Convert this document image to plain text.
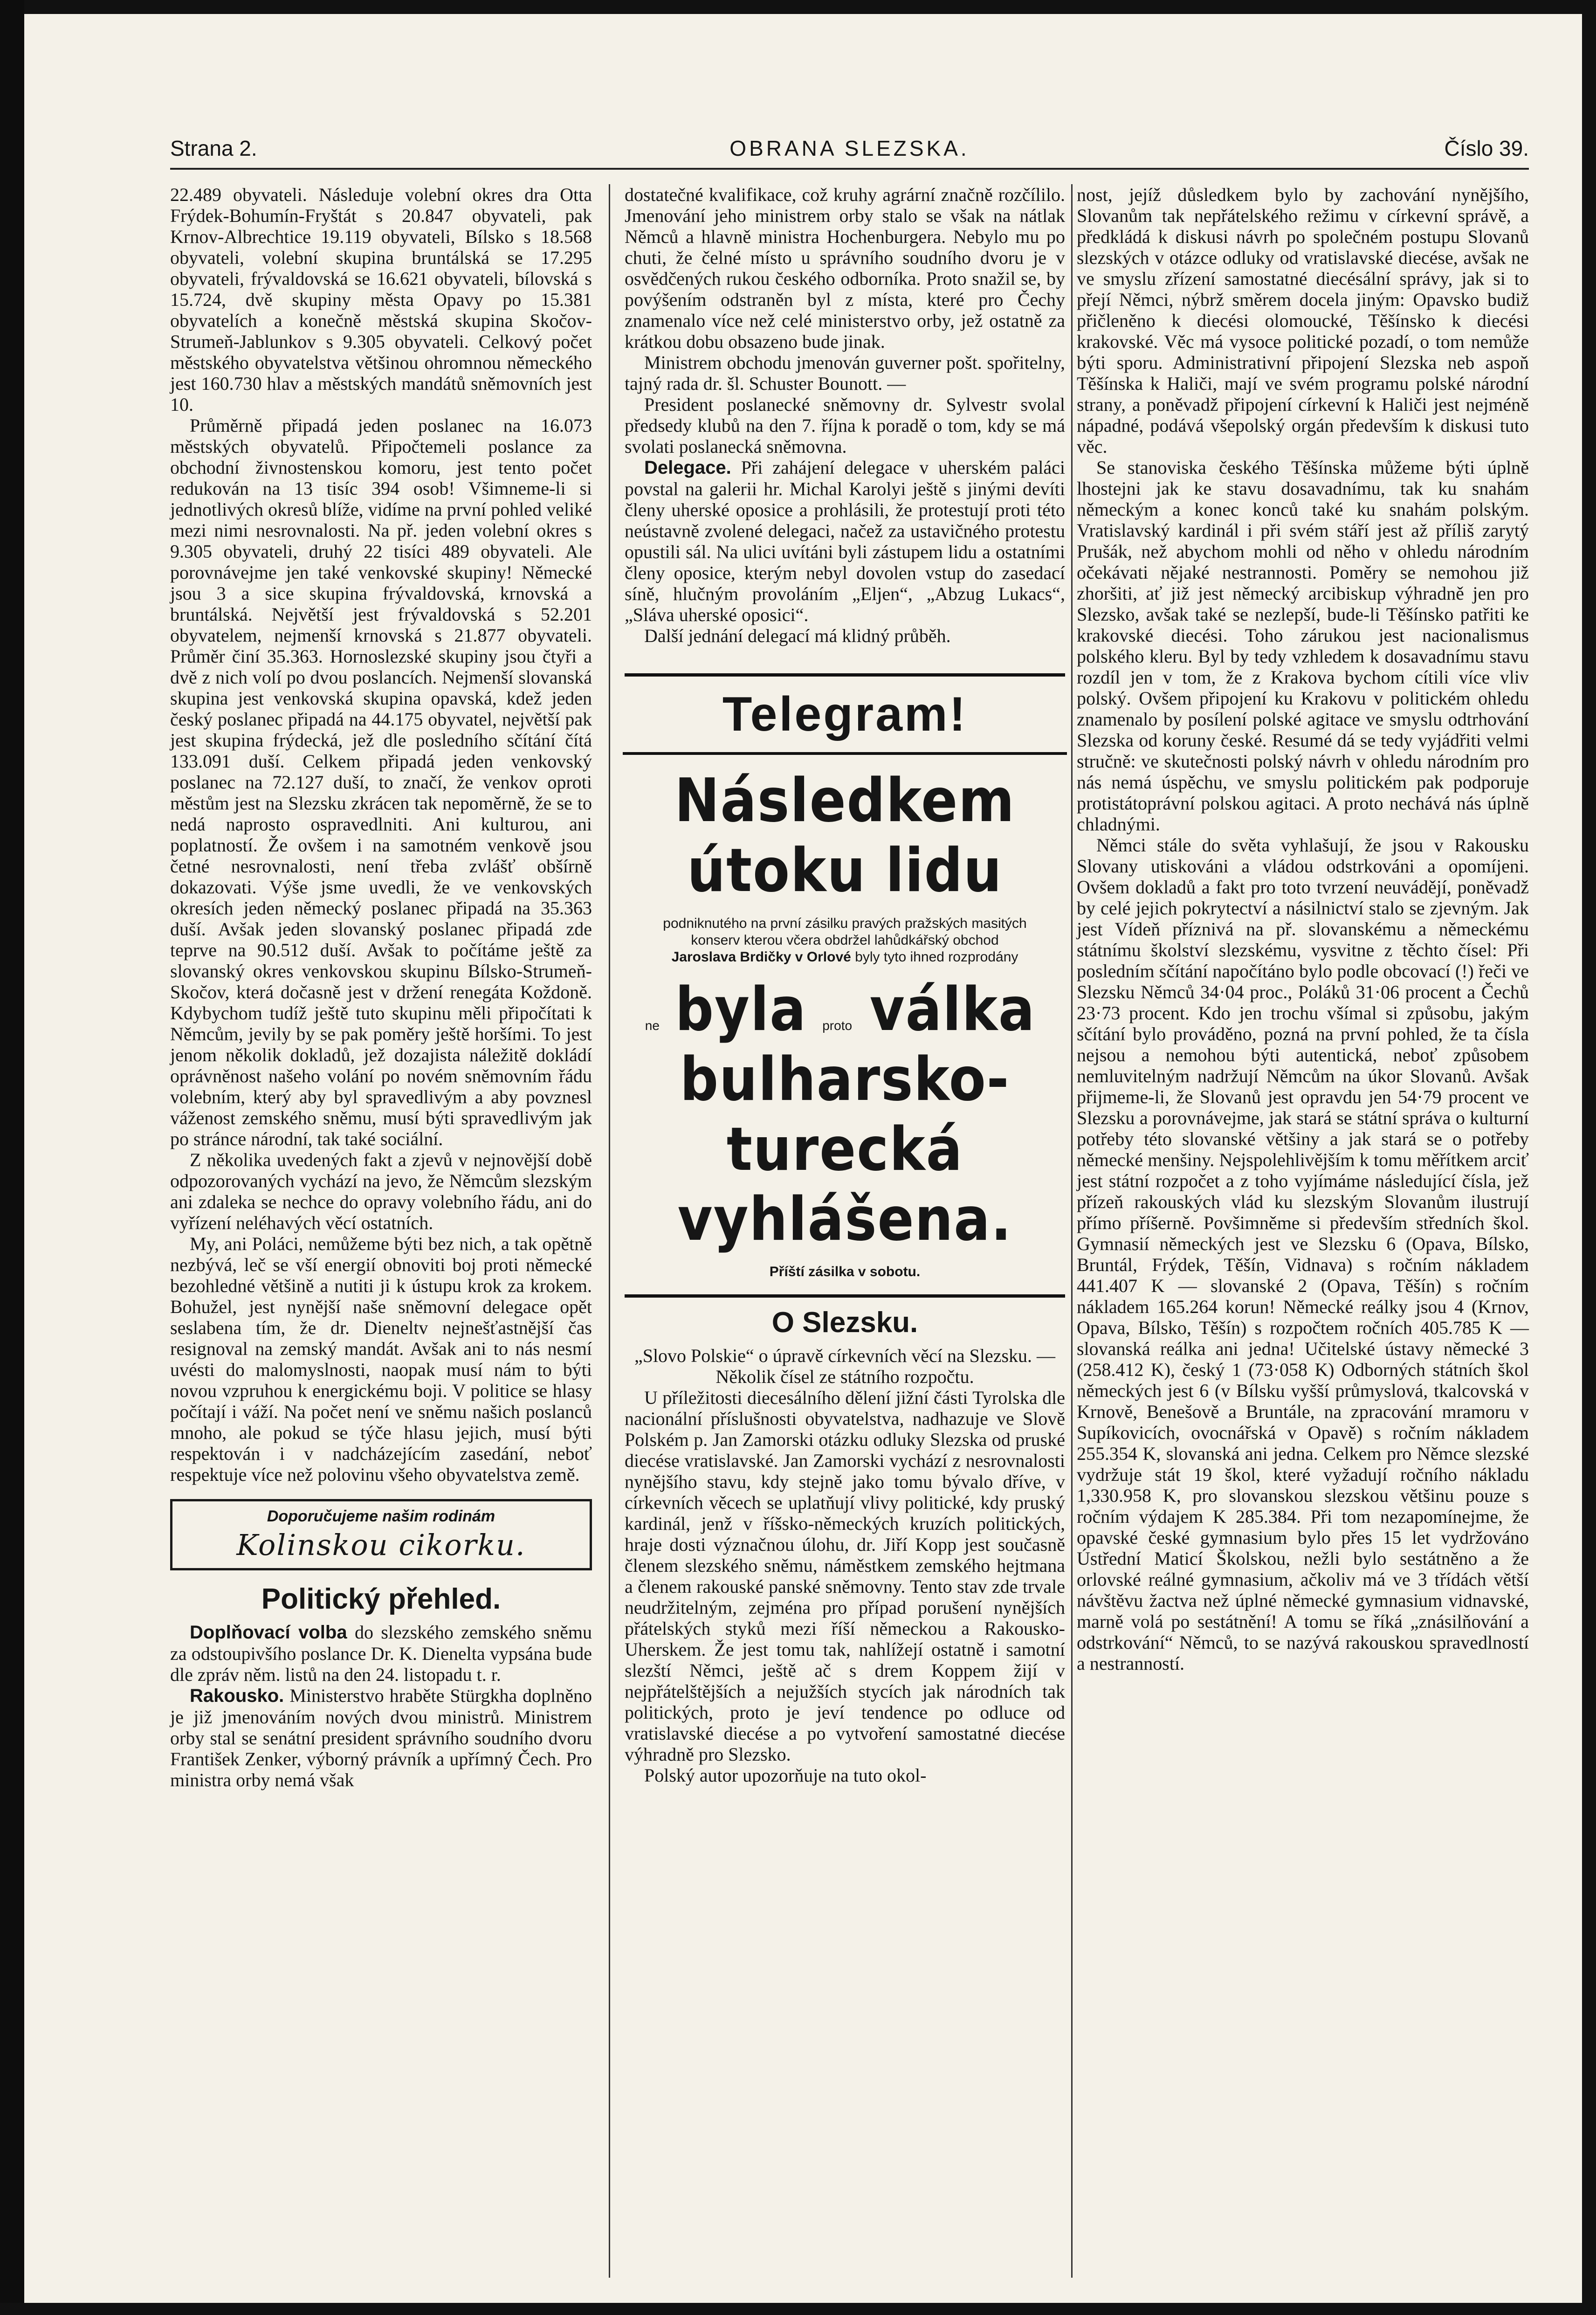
Strana 2.	OBRANA SLEZSKA.	Číslo 39.

22.489 obyvateli. Následuje volební okres dra Otta Frýdek-Bohumín-Fryštát s 20.847 obyvateli, pak Krnov-Albrechtice 19.119 obyvateli, Bílsko s 18.568 obyvateli, volební skupina bruntálská se 17.295 obyvateli, frývaldovská se 16.621 obyvateli, bílovská s 15.724, dvě skupiny města Opavy po 15.381 obyvatelích a konečně městská skupina Skočov-Strumeň-Jablunkov s 9.305 obyvateli. Celkový počet městského obyvatelstva většinou ohromnou německého jest 160.730 hlav a městských mandátů sněmovních jest 10.

Průměrně připadá jeden poslanec na 16.073 městských obyvatelů. Připočtemeli poslance za obchodní živnostenskou komoru, jest tento počet redukován na 13 tisíc 394 osob! Všimneme-li si jednotlivých okresů blíže, vidíme na první pohled veliké mezi nimi nesrovnalosti. Na př. jeden volební okres s 9.305 obyvateli, druhý 22 tisíci 489 obyvateli. Ale porovnávejme jen také venkovské skupiny! Německé jsou 3 a sice skupina frývaldovská, krnovská a bruntálská. Největší jest frývaldovská s 52.201 obyvatelem, nejmenší krnovská s 21.877 obyvateli. Průměr činí 35.363. Hornoslezské skupiny jsou čtyři a dvě z nich volí po dvou poslancích. Nejmenší slovanská skupina jest venkovská skupina opavská, kdež jeden český poslanec připadá na 44.175 obyvatel, největší pak jest skupina frýdecká, jež dle posledního sčítání čítá 133.091 duší. Celkem připadá jeden venkovský poslanec na 72.127 duší, to značí, že venkov oproti městům jest na Slezsku zkrácen tak nepoměrně, že se to nedá naprosto ospravedlniti. Ani kulturou, ani poplatností. Že ovšem i na samotném venkově jsou četné nesrovnalosti, není třeba zvlášť obšírně dokazovati. Výše jsme uvedli, že ve venkovských okresích jeden německý poslanec připadá na 35.363 duší. Avšak jeden slovanský poslanec připadá zde teprve na 90.512 duší. Avšak to počítáme ještě za slovanský okres venkovskou skupinu Bílsko-Strumeň-Skočov, která dočasně jest v držení renegáta Koždoně. Kdybychom tudíž ještě tuto skupinu měli připočítati k Němcům, jevily by se pak poměry ještě horšími. To jest jenom několik dokladů, jež dozajista náležitě dokládí oprávněnost našeho volání po novém sněmovním řádu volebním, který aby byl spravedlivým a aby povznesl váženost zemského sněmu, musí býti spravedlivým jak po stránce národní, tak také sociální.

Z několika uvedených fakt a zjevů v nejnovější době odpozorovaných vychází na jevo, že Němcům slezským ani zdaleka se nechce do opravy volebního řádu, ani do vyřízení neléhavých věcí ostatních.

My, ani Poláci, nemůžeme býti bez nich, a tak opětně nezbývá, leč se vší energií obnoviti boj proti německé bezohledné většině a nutiti ji k ústupu krok za krokem. Bohužel, jest nynější naše sněmovní delegace opět seslabena tím, že dr. Dieneltv nejnešťastnější čas resignoval na zemský mandát. Avšak ani to nás nesmí uvésti do malomyslnosti, naopak musí nám to býti novou vzpruhou k energickému boji. V politice se hlasy počítají i váží. Na počet není ve sněmu našich poslanců mnoho, ale pokud se týče hlasu jejich, musí býti respektován i v nadcházejícím zasedání, neboť respektuje více než polovinu všeho obyvatelstva země.

Doporučujeme našim rodinám
Kolinskou cikorku.
Politický přehled.

Doplňovací volba do slezského zemského sněmu za odstoupivšího poslance Dr. K. Dienelta vypsána bude dle zpráv něm. listů na den 24. listopadu t. r.

Rakousko. Ministerstvo hraběte Stürgkha doplněno je již jmenováním nových dvou ministrů. Ministrem orby stal se senátní president správního soudního dvoru František Zenker, výborný právník a upřímný Čech. Pro ministra orby nemá však

dostatečné kvalifikace, což kruhy agrární značně rozčílilo. Jmenování jeho ministrem orby stalo se však na nátlak Němců a hlavně ministra Hochenburgera. Nebylo mu po chuti, že čelné místo u správního soudního dvoru je v osvědčených rukou českého odborníka. Proto snažil se, by povýšením odstraněn byl z místa, které pro Čechy znamenalo více než celé ministerstvo orby, jež ostatně za krátkou dobu obsazeno bude jinak.

Ministrem obchodu jmenován guverner pošt. spořitelny, tajný rada dr. šl. Schuster Bounott. —

President poslanecké sněmovny dr. Sylvestr svolal předsedy klubů na den 7. října k poradě o tom, kdy se má svolati poslanecká sněmovna.

Delegace. Při zahájení delegace v uherském paláci povstal na galerii hr. Michal Karolyi ještě s jinými devíti členy uherské oposice a prohlásili, že protestují proti této neústavně zvolené delegaci, načež za ustavičného protestu opustili sál. Na ulici uvítáni byli zástupem lidu a ostatními členy oposice, kterým nebyl dovolen vstup do zasedací síně, hlučným provoláním „Eljen“, „Abzug Lukacs“, „Sláva uherské oposici“.

Další jednání delegací má klidný průběh.

Telegram!
Následkem
útoku lidu
podniknutého na první zásilku pravých pražských masitých konserv kterou včera obdržel lahůdkářský obchod Jaroslava Brdičky v Orlové byly tyto ihned rozprodány
ne byla proto válka
bulharsko-turecká
vyhlášena.
Příští zásilka v sobotu.
O Slezsku.

„Slovo Polskie“ o úpravě církevních věcí na Slezsku. — Několik čísel ze státního rozpočtu.

U příležitosti diecesálního dělení jižní části Tyrolska dle nacionální příslušnosti obyvatelstva, nadhazuje ve Slově Polském p. Jan Zamorski otázku odluky Slezska od pruské diecése vratislavské. Jan Zamorski vychází z nesrovnalosti nynějšího stavu, kdy stejně jako tomu bývalo dříve, v církevních věcech se uplatňují vlivy politické, kdy pruský kardinál, jenž v říšsko-německých kruzích politických, hraje dosti význačnou úlohu, dr. Jiří Kopp jest současně členem slezského sněmu, náměstkem zemského hejtmana a členem rakouské panské sněmovny. Tento stav zde trvale neudržitelným, zejména pro případ porušení nynějších přátelských styků mezi říší německou a Rakousko-Uherskem. Že jest tomu tak, nahlížejí ostatně i samotní slezští Němci, ještě ač s drem Koppem žijí v nejpřátelštějších a nejužších stycích jak národních tak politických, proto je jeví tendence po odluce od vratislavské diecése a po vytvoření samostatné diecése výhradně pro Slezsko.

Polský autor upozorňuje na tuto okol-

nost, jejíž důsledkem bylo by zachování nynějšího, Slovanům tak nepřátelského režimu v církevní správě, a předkládá k diskusi návrh po společném postupu Slovanů slezských v otázce odluky od vratislavské diecése, avšak ne ve smyslu zřízení samostatné diecésální správy, jak si to přejí Němci, nýbrž směrem docela jiným: Opavsko budiž přičleněno k diecési olomoucké, Těšínsko k diecési krakovské. Věc má vysoce politické pozadí, o tom nemůže býti sporu. Administrativní připojení Slezska neb aspoň Těšínska k Haliči, mají ve svém programu polské národní strany, a poněvadž připojení církevní k Haliči jest nejméně nápadné, podává všepolský orgán především k diskusi tuto věc.

Se stanoviska českého Těšínska můžeme býti úplně lhostejni jak ke stavu dosavadnímu, tak ku snahám německým a konec konců také ku snahám polským. Vratislavský kardinál i při svém stáří jest až příliš zarytý Prušák, než abychom mohli od něho v ohledu národním očekávati nějaké nestrannosti. Poměry se nemohou již zhoršiti, ať již jest německý arcibiskup výhradně jen pro Slezsko, avšak také se nezlepší, bude-li Těšínsko patřiti ke krakovské diecési. Toho zárukou jest nacionalismus polského kleru. Byl by tedy vzhledem k dosavadnímu stavu rozdíl jen v tom, že z Krakova bychom cítili více vliv polský. Ovšem připojení ku Krakovu v politickém ohledu znamenalo by posílení polské agitace ve smyslu odtrhování Slezska od koruny české. Resumé dá se tedy vyjádřiti velmi stručně: ve skutečnosti polský návrh v ohledu národním pro nás nemá úspěchu, ve smyslu politickém pak podporuje protistátoprávní polskou agitaci. A proto nechává nás úplně chladnými.

Němci stále do světa vyhlašují, že jsou v Rakousku Slovany utiskováni a vládou odstrkováni a opomíjeni. Ovšem dokladů a fakt pro toto tvrzení neuvádějí, poněvadž by celé jejich pokrytectví a násilnictví stalo se zjevným. Jak jest Vídeň příznivá na př. slovanskému a německému státnímu školství slezskému, vysvitne z těchto čísel: Při posledním sčítání napočítáno bylo podle obcovací (!) řeči ve Slezsku Němců 34·04 proc., Poláků 31·06 procent a Čechů 23·73 procent. Kdo jen trochu všímal si způsobu, jakým sčítání bylo prováděno, pozná na první pohled, že ta čísla nejsou a nemohou býti autentická, neboť způsobem nemluvitelným nadržují Němcům na úkor Slovanů. Avšak přijmeme-li, že Slovanů jest opravdu jen 54·79 procent ve Slezsku a porovnávejme, jak stará se státní správa o kulturní potřeby této slovanské většiny a jak stará se o potřeby německé menšiny. Nejspolehlivějším k tomu měřítkem arciť jest státní rozpočet a z toho vyjímáme následující čísla, jež přízeň rakouských vlád ku slezským Slovanům ilustrují přímo příšerně. Povšimněme si především středních škol. Gymnasií německých jest ve Slezsku 6 (Opava, Bílsko, Bruntál, Frýdek, Těšín, Vidnava) s ročním nákladem 441.407 K — slovanské 2 (Opava, Těšín) s ročním nákladem 165.264 korun! Německé reálky jsou 4 (Krnov, Opava, Bílsko, Těšín) s rozpočtem ročních 405.785 K — slovanská reálka ani jedna! Učitelské ústavy německé 3 (258.412 K), český 1 (73·058 K) Odborných státních škol německých jest 6 (v Bílsku vyšší průmyslová, tkalcovská v Krnově, Benešově a Bruntále, na zpracování mramoru v Supíkovicích, ovocnářská v Opavě) s ročním nákladem 255.354 K, slovanská ani jedna. Celkem pro Němce slezské vydržuje stát 19 škol, které vyžadují ročního nákladu 1,330.958 K, pro slovanskou slezskou většinu pouze s ročním výdajem K 285.384. Při tom nezapomínejme, že opavské české gymnasium bylo přes 15 let vydržováno Ústřední Maticí Školskou, nežli bylo sestátněno a že orlovské reálné gymnasium, ačkoliv má ve 3 třídách větší návštěvu žactva než úplné německé gymnasium vidnavské, marně volá po sestátnění! A tomu se říká „znásilňování a odstrkování“ Němců, to se nazývá rakouskou spravedlností a nestranností.
